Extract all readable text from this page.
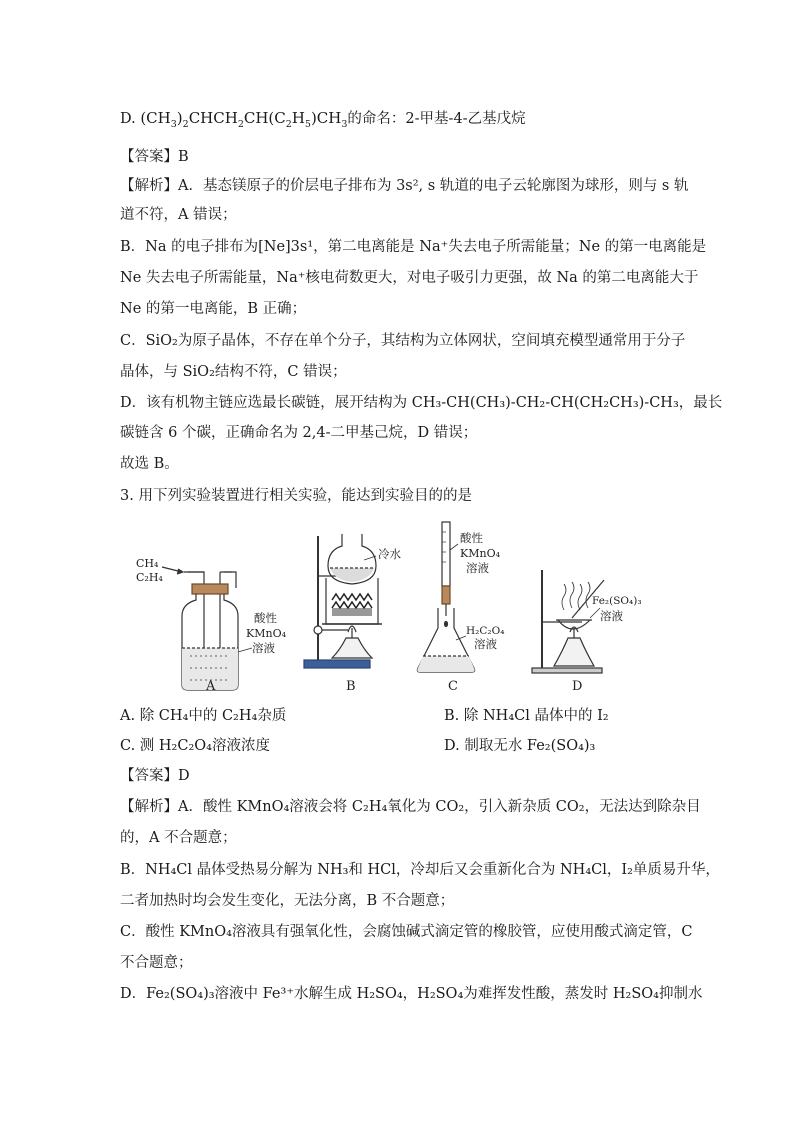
D. $(CH_3)_2CHCH_2CH(C_2H_5)CH_3$的命名：2-甲基-4-乙基戊烷
【答案】B
【解析】A．基态镁原子的价层电子排布为 3s², s 轨道的电子云轮廓图为球形，则与 s 轨
道不符，A 错误；
B．Na 的电子排布为[Ne]3s¹，第二电离能是 Na⁺失去电子所需能量；Ne 的第一电离能是
Ne 失去电子所需能量，Na⁺核电荷数更大，对电子吸引力更强，故 Na 的第二电离能大于
Ne 的第一电离能，B 正确；
C．SiO₂为原子晶体，不存在单个分子，其结构为立体网状，空间填充模型通常用于分子
晶体，与 SiO₂结构不符，C 错误；
D．该有机物主链应选最长碳链，展开结构为 CH₃-CH(CH₃)-CH₂-CH(CH₂CH₃)-CH₃，最长
碳链含 6 个碳，正确命名为 2,4-二甲基己烷，D 错误；
故选 B。
3. 用下列实验装置进行相关实验，能达到实验目的的是
CH₄
C₂H₄
酸性
KMnO₄
溶液
冷水
酸性
KMnO₄
溶液
H₂C₂O₄
溶液
Fe₂(SO₄)₃
溶液
A	B	C	D
A. 除 CH₄中的 C₂H₄杂质	B. 除 NH₄Cl 晶体中的 I₂
C. 测 H₂C₂O₄溶液浓度	D. 制取无水 Fe₂(SO₄)₃
【答案】D
【解析】A．酸性 KMnO₄溶液会将 C₂H₄氧化为 CO₂，引入新杂质 CO₂，无法达到除杂目
的，A 不合题意；
B．NH₄Cl 晶体受热易分解为 NH₃和 HCl，冷却后又会重新化合为 NH₄Cl，I₂单质易升华，
二者加热时均会发生变化，无法分离，B 不合题意；
C．酸性 KMnO₄溶液具有强氧化性，会腐蚀碱式滴定管的橡胶管，应使用酸式滴定管，C
不合题意；
D．Fe₂(SO₄)₃溶液中 Fe³⁺水解生成 H₂SO₄，H₂SO₄为难挥发性酸，蒸发时 H₂SO₄抑制水
